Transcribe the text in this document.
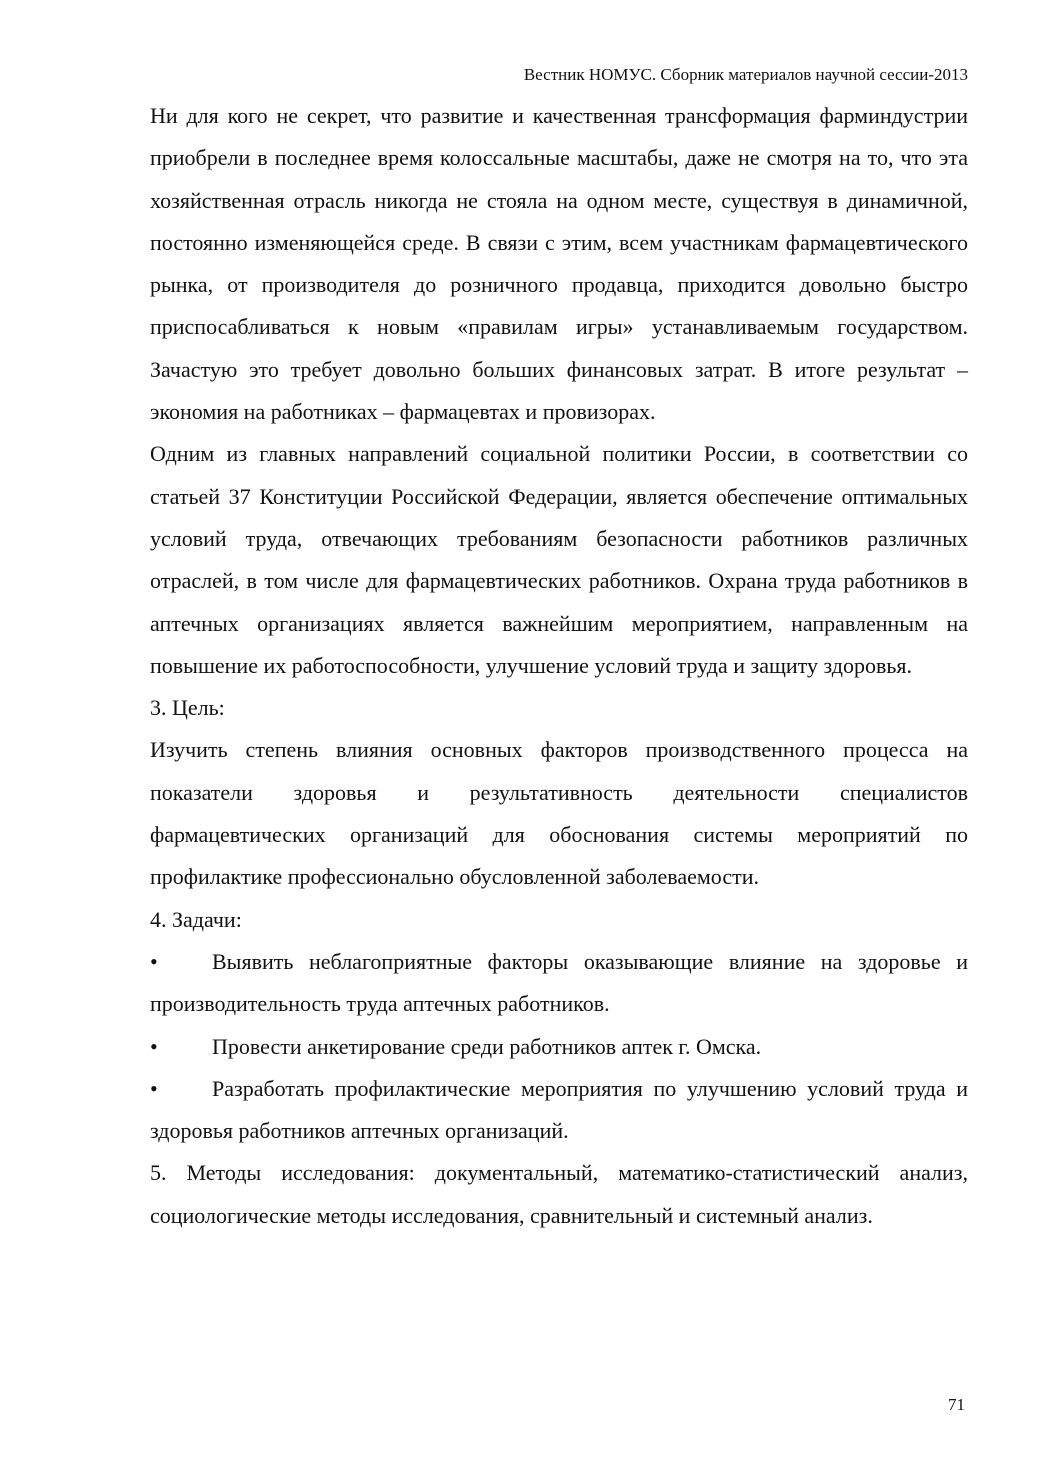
Вестник НОМУС. Сборник материалов научной сессии-2013

Ни для кого не секрет, что развитие и качественная трансформация фарминдустрии приобрели в последнее время колоссальные масштабы, даже не смотря на то, что эта хозяйственная отрасль никогда не стояла на одном месте, существуя в динамичной, постоянно изменяющейся среде. В связи с этим, всем участникам фармацевтического рынка, от производителя до розничного продавца, приходится довольно быстро приспосабливаться к новым «правилам игры» устанавливаемым государством. Зачастую это требует довольно больших финансовых затрат. В итоге результат – экономия на работниках – фармацевтах и провизорах.

Одним из главных направлений социальной политики России, в соответствии со статьей 37 Конституции Российской Федерации, является обеспечение оптимальных условий труда, отвечающих требованиям безопасности работников различных отраслей, в том числе для фармацевтических работников. Охрана труда работников в аптечных организациях является важнейшим мероприятием, направленным на повышение их работоспособности, улучшение условий труда и защиту здоровья.

3. Цель:

Изучить степень влияния основных факторов производственного процесса на показатели здоровья и результативность деятельности специалистов фармацевтических организаций для обоснования системы мероприятий по профилактике профессионально обусловленной заболеваемости.

4. Задачи:

• Выявить неблагоприятные факторы оказывающие влияние на здоровье и производительность труда аптечных работников.

• Провести анкетирование среди работников аптек г. Омска.

• Разработать профилактические мероприятия по улучшению условий труда и здоровья работников аптечных организаций.

5. Методы исследования: документальный, математико-статистический анализ, социологические методы исследования, сравнительный и системный анализ.

71
